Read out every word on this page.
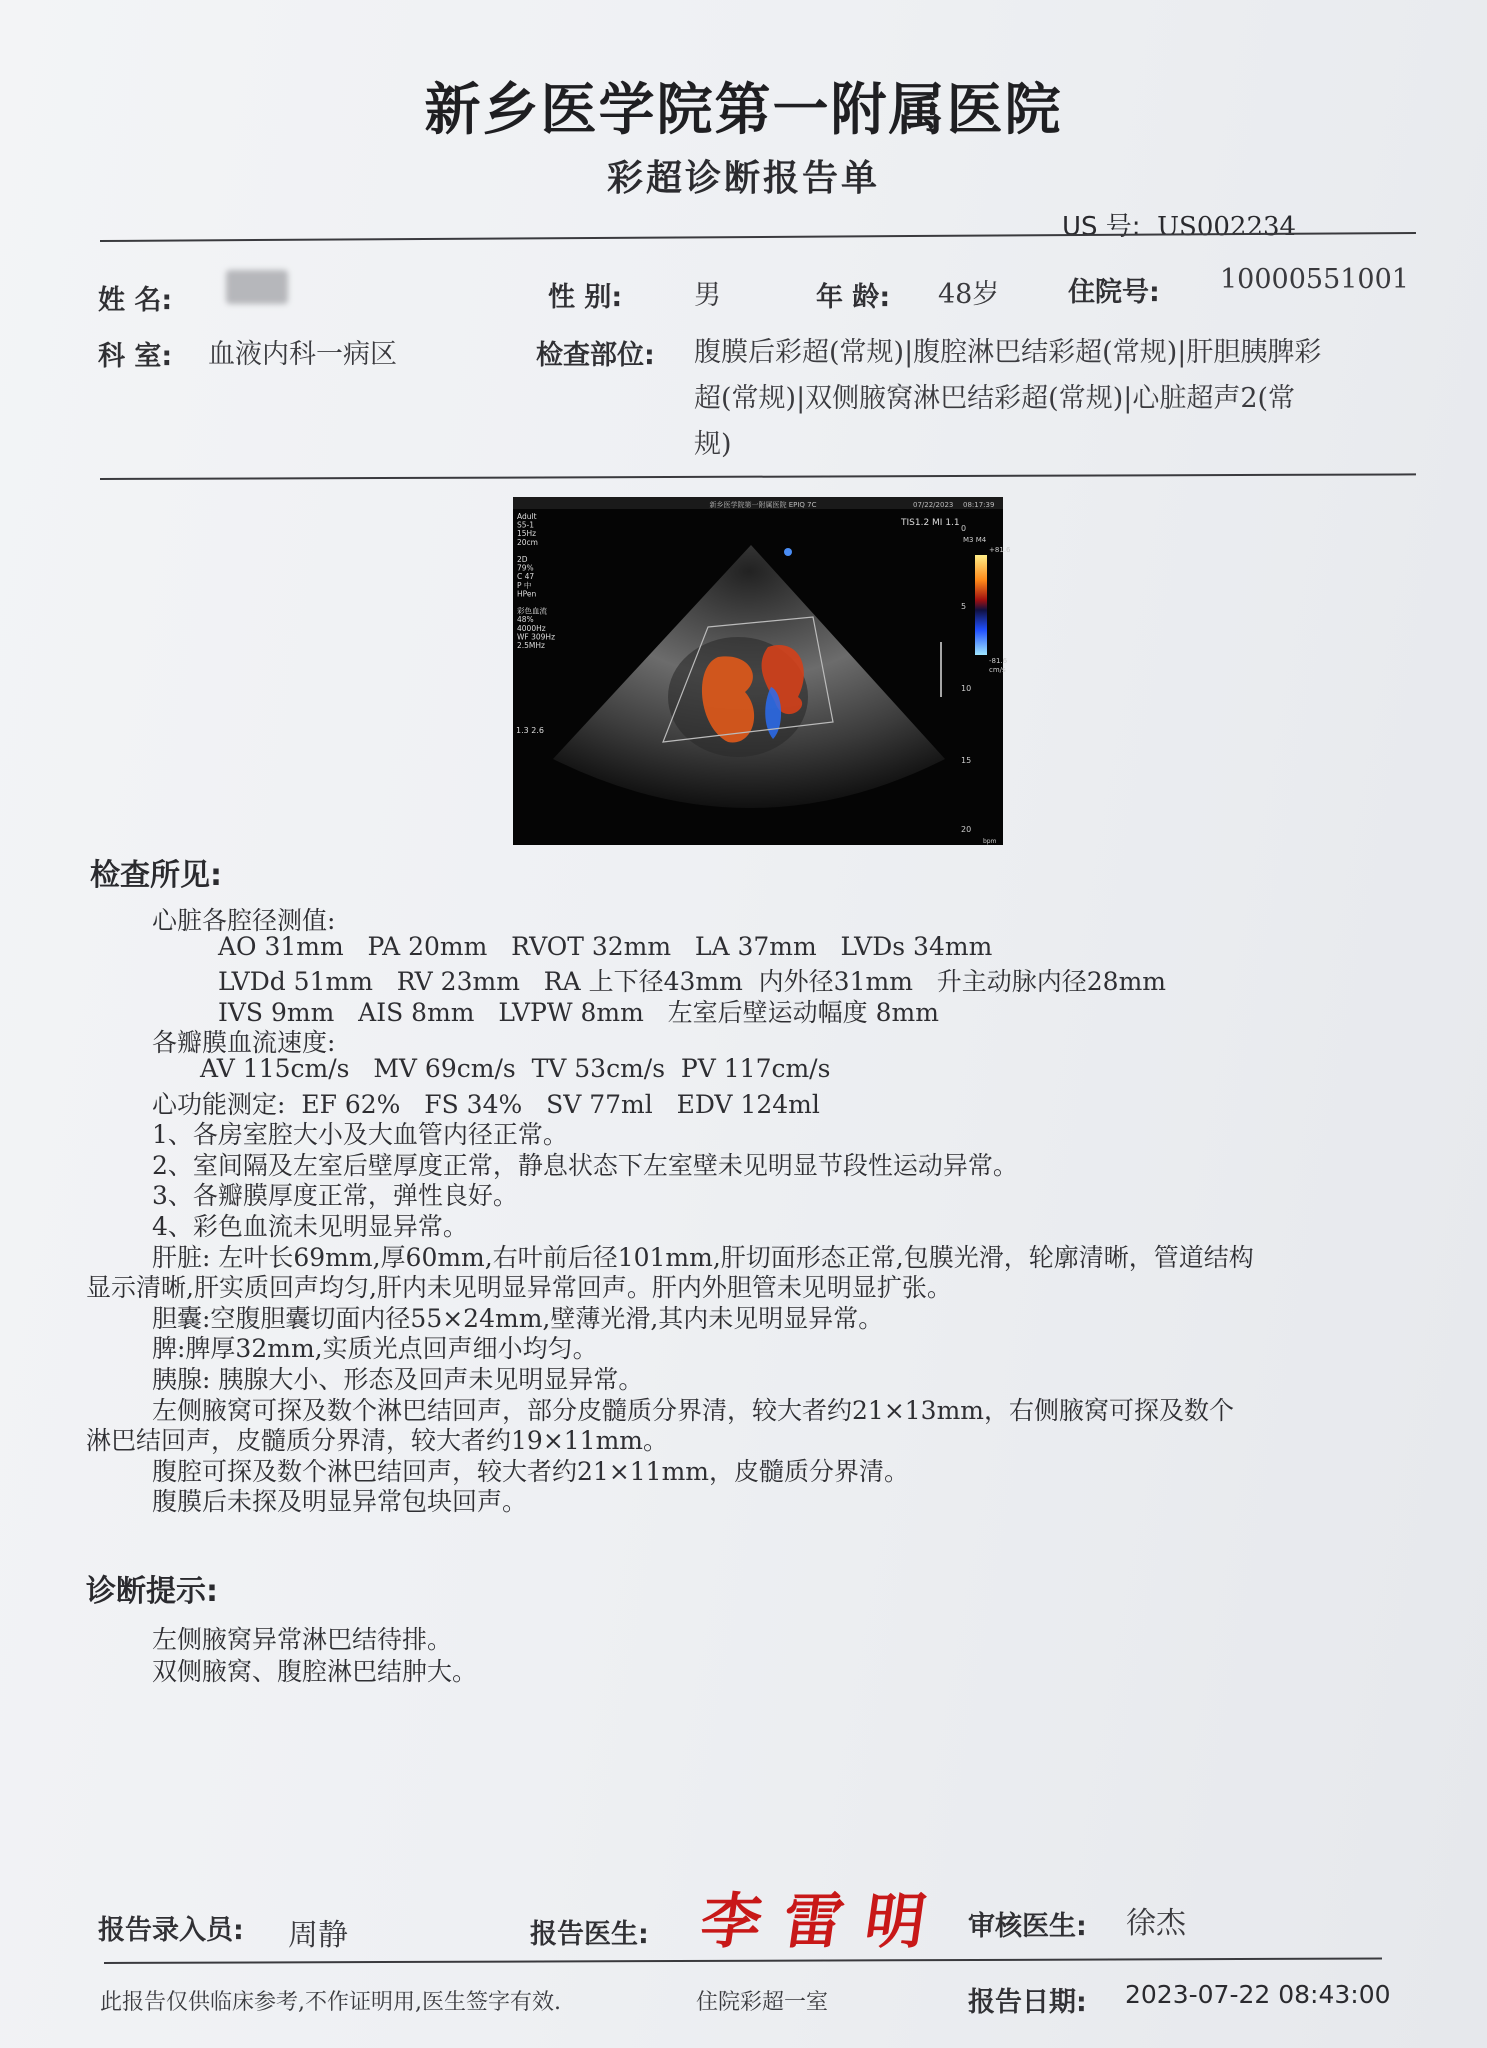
新乡医学院第一附属医院
彩超诊断报告单
US 号: US002234
姓 名:	性 别:	男	年 龄: 48岁	住院号: 10000551001
科 室: 血液内科一病区	检查部位: 腹膜后彩超(常规)|腹腔淋巴结彩超(常规)|肝胆胰脾彩
超(常规)|双侧腋窝淋巴结彩超(常规)|心脏超声2(常
规)
新乡医学院第一附属医院 EPIQ 7C	07/22/2023 08:17:39
TIS1.2 MI 1.1
M3 M4
+81.6
-81.6
cm/s
0
5
10
15
20
bpm
1.3 2.6
Adult
S5-1
15Hz
20cm
2D
79%
C 47
P 中
HPen
彩色血流
48%
4000Hz
WF 309Hz
2.5MHz
检查所见:
心脏各腔径测值:
AO 31mm   PA 20mm   RVOT 32mm   LA 37mm   LVDs 34mm
LVDd 51mm   RV 23mm   RA 上下径43mm  内外径31mm   升主动脉内径28mm
IVS 9mm   AIS 8mm   LVPW 8mm   左室后壁运动幅度 8mm
各瓣膜血流速度:
AV 115cm/s   MV 69cm/s  TV 53cm/s  PV 117cm/s
心功能测定:  EF 62%   FS 34%   SV 77ml   EDV 124ml
1、各房室腔大小及大血管内径正常。
2、室间隔及左室后壁厚度正常，静息状态下左室壁未见明显节段性运动异常。
3、各瓣膜厚度正常，弹性良好。
4、彩色血流未见明显异常。
肝脏: 左叶长69mm,厚60mm,右叶前后径101mm,肝切面形态正常,包膜光滑，轮廓清晰，管道结构
显示清晰,肝实质回声均匀,肝内未见明显异常回声。肝内外胆管未见明显扩张。
胆囊:空腹胆囊切面内径55×24mm,壁薄光滑,其内未见明显异常。
脾:脾厚32mm,实质光点回声细小均匀。
胰腺: 胰腺大小、形态及回声未见明显异常。
左侧腋窝可探及数个淋巴结回声，部分皮髓质分界清，较大者约21×13mm，右侧腋窝可探及数个
淋巴结回声，皮髓质分界清，较大者约19×11mm。
腹腔可探及数个淋巴结回声，较大者约21×11mm，皮髓质分界清。
腹膜后未探及明显异常包块回声。
诊断提示:
左侧腋窝异常淋巴结待排。
双侧腋窝、腹腔淋巴结肿大。
报告录入员: 周静	报告医生: 李雷明 审核医生: 徐杰
此报告仅供临床参考,不作证明用,医生签字有效.	住院彩超一室	报告日期: 2023-07-22 08:43:00
